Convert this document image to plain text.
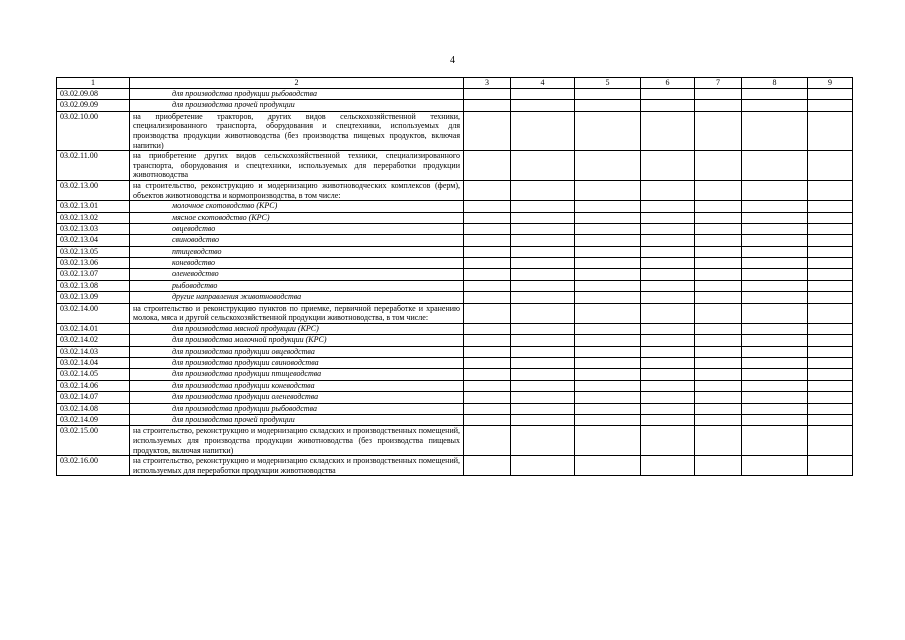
4
1	2	3	4	5	6	7	8	9
03.02.09.08	для производства продукции рыбоводства							
03.02.09.09	для производства прочей продукции							
03.02.10.00	на приобретение тракторов, других видов сельскохозяйственной техники, специализированного транспорта, оборудования и спецтехники, используемых для производства продукции животноводства (без производства пищевых продуктов, включая напитки)							
03.02.11.00	на приобретение других видов сельскохозяйственной техники, специализированного транспорта, оборудования и спецтехники, используемых для переработки продукции животноводства							
03.02.13.00	на строительство, реконструкцию и модернизацию животноводческих комплексов (ферм), объектов животноводства и кормопроизводства, в том числе:							
03.02.13.01	молочное скотоводство (КРС)							
03.02.13.02	мясное скотоводство (КРС)							
03.02.13.03	овцеводство							
03.02.13.04	свиноводство							
03.02.13.05	птицеводство							
03.02.13.06	коневодство							
03.02.13.07	оленеводство							
03.02.13.08	рыбоводство							
03.02.13.09	другие направления животноводства							
03.02.14.00	на строительство и реконструкцию пунктов по приемке, первичной переработке и хранению молока, мяса и другой сельскохозяйственной продукции животноводства, в том числе:							
03.02.14.01	для производства мясной продукции (КРС)							
03.02.14.02	для производства молочной продукции (КРС)							
03.02.14.03	для производства продукции овцеводства							
03.02.14.04	для производства продукции свиноводства							
03.02.14.05	для производства продукции птицеводства							
03.02.14.06	для производства продукции коневодства							
03.02.14.07	для производства продукции оленеводства							
03.02.14.08	для производства продукции рыбоводства							
03.02.14.09	для производства прочей продукции							
03.02.15.00	на строительство, реконструкцию и модернизацию складских и производственных помещений, используемых для производства продукции животноводства (без производства пищевых продуктов, включая напитки)							
03.02.16.00	на строительство, реконструкцию и модернизацию складских и производственных помещений, используемых для переработки продукции животноводства							
